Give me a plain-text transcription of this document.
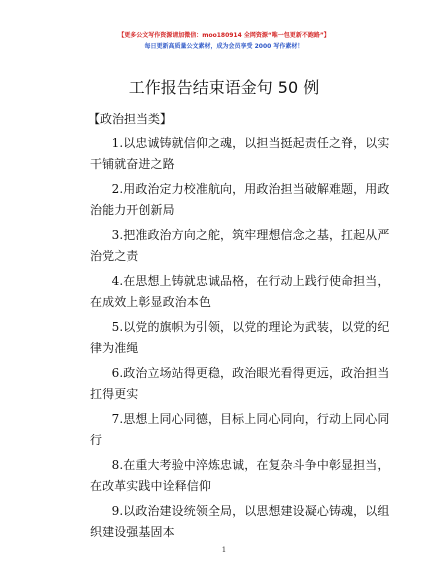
【更多公文写作资源请加微信：moo180914 全网资源“唯一包更新不跑路”】
每日更新高质量公文素材，成为会员享受 2000 写作素材！
工作报告结束语金句 50 例
【政治担当类】
1.以忠诚铸就信仰之魂，以担当挺起责任之脊，以实干铺就奋进之路
2.用政治定力校准航向，用政治担当破解难题，用政治能力开创新局
3.把准政治方向之舵，筑牢理想信念之基，扛起从严治党之责
4.在思想上铸就忠诚品格，在行动上践行使命担当，在成效上彰显政治本色
5.以党的旗帜为引领，以党的理论为武装，以党的纪律为准绳
6.政治立场站得更稳，政治眼光看得更远，政治担当扛得更实
7.思想上同心同德，目标上同心同向，行动上同心同行
8.在重大考验中淬炼忠诚，在复杂斗争中彰显担当，在改革实践中诠释信仰
9.以政治建设统领全局，以思想建设凝心铸魂，以组织建设强基固本
1
